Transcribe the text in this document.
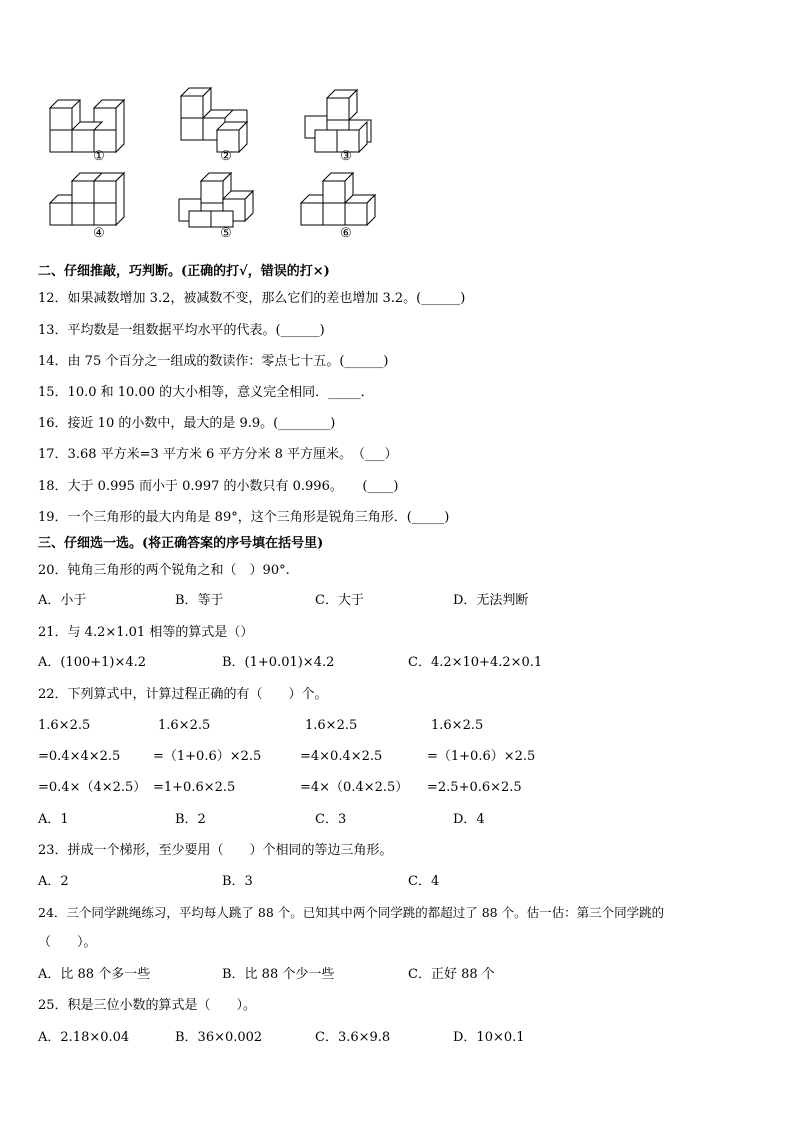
①	②	③
④	⑤	⑥
二、仔细推敲，巧判断。(正确的打√，错误的打×)
12．如果减数增加 3.2，被减数不变，那么它们的差也增加 3.2。(______)
13．平均数是一组数据平均水平的代表。(______)
14．由 75 个百分之一组成的数读作：零点七十五。(______)
15．10.0 和 10.00 的大小相等，意义完全相同．_____．
16．接近 10 的小数中，最大的是 9.9。(________)
17．3.68 平方米=3 平方米 6 平方分米 8 平方厘米。　（___）
18．大于 0.995 而小于 0.997 的小数只有 0.996。　　(____)
19．一个三角形的最大内角是 89°，这个三角形是锐角三角形．(_____)
三、仔细选一选。(将正确答案的序号填在括号里)
20．钝角三角形的两个锐角之和（　）90°.
A．小于	B．等于	C．大于	D．无法判断
21．与 4.2×1.01 相等的算式是（）
A．(100+1)×4.2	B．(1+0.01)×4.2	C．4.2×10+4.2×0.1
22．下列算式中，计算过程正确的有（　　）个。
1.6×2.5	1.6×2.5	1.6×2.5	1.6×2.5
=0.4×4×2.5	=（1+0.6）×2.5	=4×0.4×2.5	=（1+0.6）×2.5
=0.4×（4×2.5） =1+0.6×2.5	=4×（0.4×2.5） =2.5+0.6×2.5
A．1	B．2	C．3	D．4
23．拼成一个梯形，至少要用（　　）个相同的等边三角形。
A．2	B．3	C．4
24．三个同学跳绳练习，平均每人跳了 88 个。已知其中两个同学跳的都超过了 88 个。估一估：第三个同学跳的
（　　）。
A．比 88 个多一些	B．比 88 个少一些	C．正好 88 个
25．积是三位小数的算式是（　　）。
A．2.18×0.04	B．36×0.002	C．3.6×9.8	D．10×0.1
